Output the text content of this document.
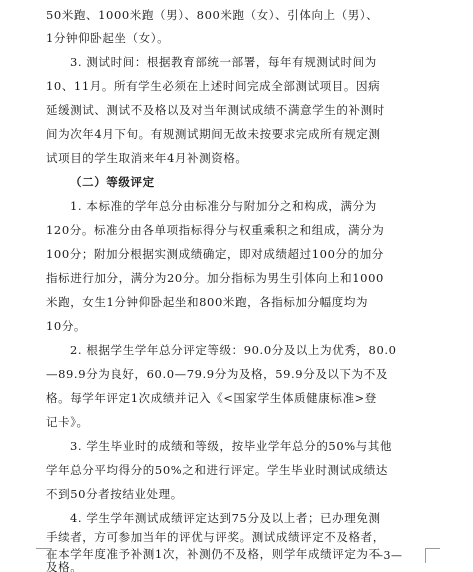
50米跑、1000米跑（男）、800米跑（女）、引体向上（男）、
1分钟仰卧起坐（女）。
3. 测试时间：根据教育部统一部署，每年有规测试时间为
10、11月。所有学生必须在上述时间完成全部测试项目。因病
延缓测试、测试不及格以及对当年测试成绩不满意学生的补测时
间为次年4月下旬。有规测试期间无故未按要求完成所有规定测
试项目的学生取消来年4月补测资格。
（二）等级评定
1. 本标准的学年总分由标准分与附加分之和构成，满分为
120分。标准分由各单项指标得分与权重乘积之和组成，满分为
100分；附加分根据实测成绩确定，即对成绩超过100分的加分
指标进行加分，满分为20分。加分指标为男生引体向上和1000
米跑，女生1分钟仰卧起坐和800米跑，各指标加分幅度均为
10分。
2. 根据学生学年总分评定等级：90.0分及以上为优秀，80.0
—89.9分为良好，60.0—79.9分为及格，59.9分及以下为不及
格。每学年评定1次成绩并记入《<国家学生体质健康标准>登
记卡》。
3. 学生毕业时的成绩和等级，按毕业学年总分的50%与其他
学年总分平均得分的50%之和进行评定。学生毕业时测试成绩达
不到50分者按结业处理。
4. 学生学年测试成绩评定达到75分及以上者；已办理免测
手续者，方可参加当年的评优与评奖。测试成绩评定不及格者，
在本学年度准予补测1次，补测仍不及格，则学年成绩评定为不
及格。
—3—
